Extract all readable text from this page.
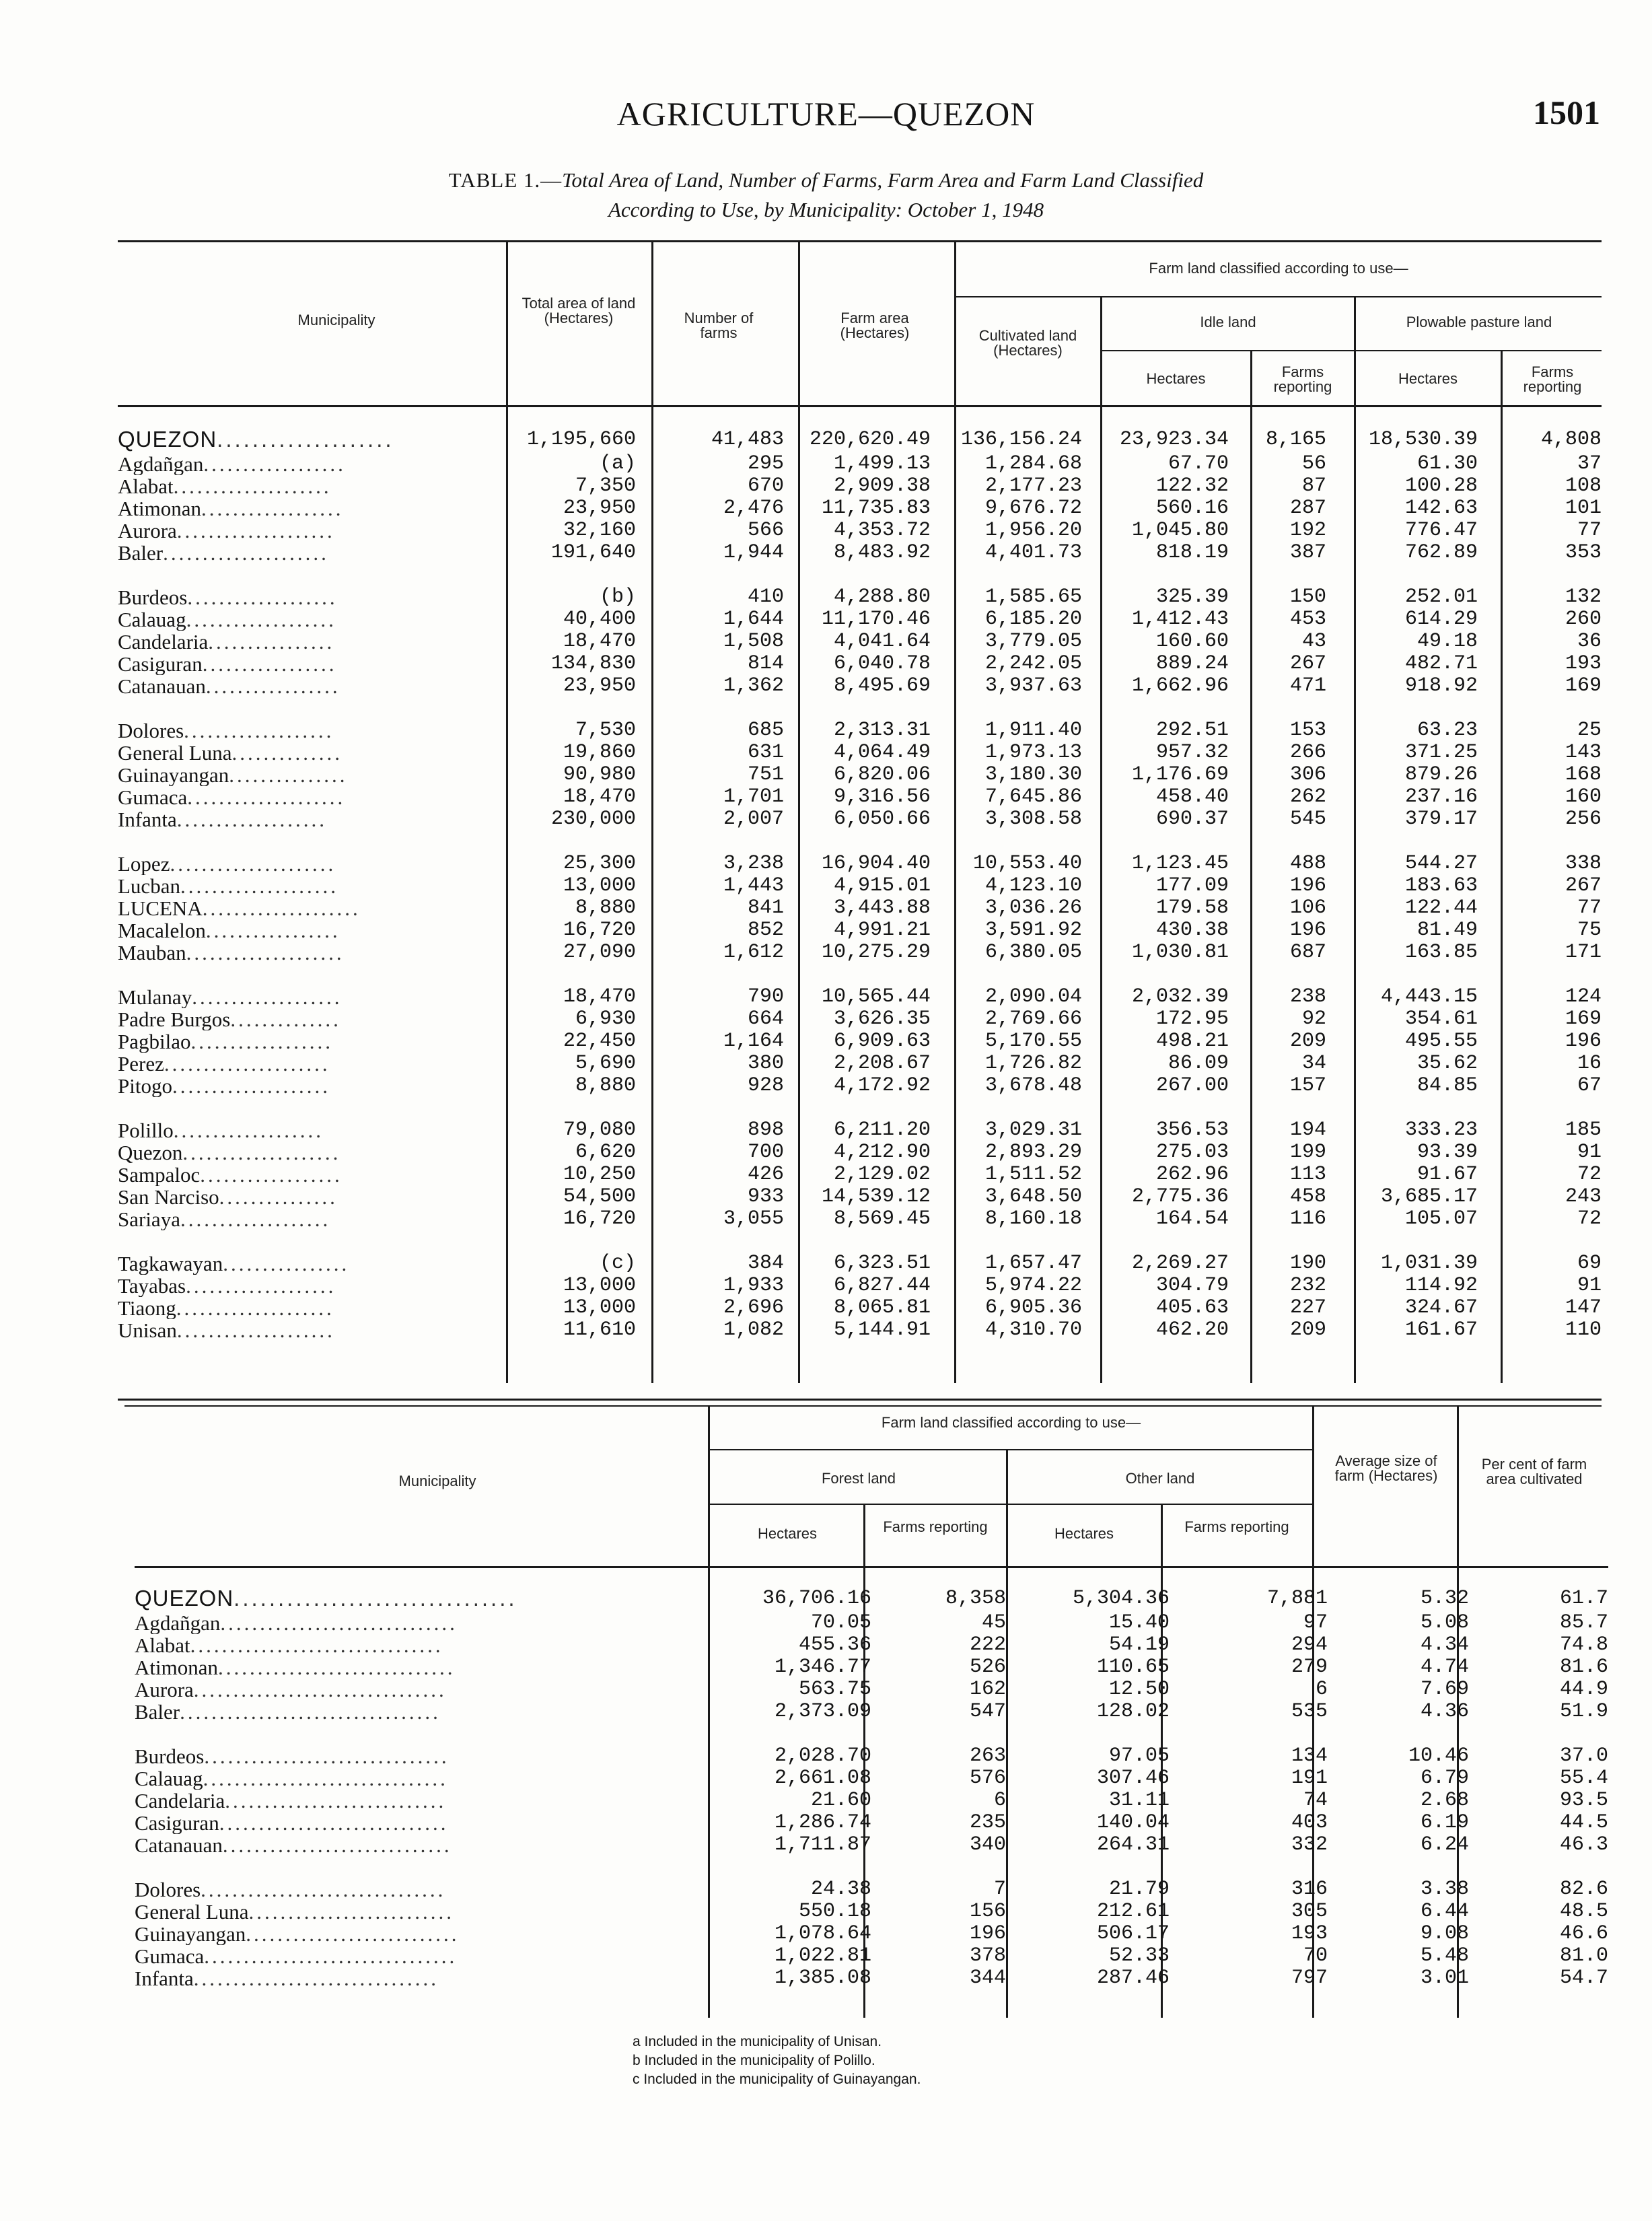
AGRICULTURE—QUEZON	1501
TABLE 1.—Total Area of Land, Number of Farms, Farm Area and Farm Land Classified
According to Use, by Municipality: October 1, 1948
Municipality
Total area of land (Hectares)	Number of farms
Farm area (Hectares)
Farm land classified according to use—
Cultivated land (Hectares)
Idle land	Plowable pasture land
Hectares	Farms reporting	Hectares	Farms reporting
QUEZON....................	1,195,660	41,483	220,620.49	136,156.24	23,923.34	8,165	18,530.39	4,808
Agdañgan..................	(a)	295	1,499.13	1,284.68	67.70	56	61.30	37
Alabat....................	7,350	670	2,909.38	2,177.23	122.32	87	100.28	108
Atimonan..................	23,950	2,476	11,735.83	9,676.72	560.16	287	142.63	101
Aurora....................	32,160	566	4,353.72	1,956.20	1,045.80	192	776.47	77
Baler.....................	191,640	1,944	8,483.92	4,401.73	818.19	387	762.89	353

Burdeos...................	(b)	410	4,288.80	1,585.65	325.39	150	252.01	132
Calauag...................	40,400	1,644	11,170.46	6,185.20	1,412.43	453	614.29	260
Candelaria................	18,470	1,508	4,041.64	3,779.05	160.60	43	49.18	36
Casiguran.................	134,830	814	6,040.78	2,242.05	889.24	267	482.71	193
Catanauan.................	23,950	1,362	8,495.69	3,937.63	1,662.96	471	918.92	169

Dolores...................	7,530	685	2,313.31	1,911.40	292.51	153	63.23	25
General Luna..............	19,860	631	4,064.49	1,973.13	957.32	266	371.25	143
Guinayangan...............	90,980	751	6,820.06	3,180.30	1,176.69	306	879.26	168
Gumaca....................	18,470	1,701	9,316.56	7,645.86	458.40	262	237.16	160
Infanta...................	230,000	2,007	6,050.66	3,308.58	690.37	545	379.17	256

Lopez.....................	25,300	3,238	16,904.40	10,553.40	1,123.45	488	544.27	338
Lucban....................	13,000	1,443	4,915.01	4,123.10	177.09	196	183.63	267
LUCENA....................	8,880	841	3,443.88	3,036.26	179.58	106	122.44	77
Macalelon.................	16,720	852	4,991.21	3,591.92	430.38	196	81.49	75
Mauban....................	27,090	1,612	10,275.29	6,380.05	1,030.81	687	163.85	171

Mulanay...................	18,470	790	10,565.44	2,090.04	2,032.39	238	4,443.15	124
Padre Burgos..............	6,930	664	3,626.35	2,769.66	172.95	92	354.61	169
Pagbilao..................	22,450	1,164	6,909.63	5,170.55	498.21	209	495.55	196
Perez.....................	5,690	380	2,208.67	1,726.82	86.09	34	35.62	16
Pitogo....................	8,880	928	4,172.92	3,678.48	267.00	157	84.85	67

Polillo...................	79,080	898	6,211.20	3,029.31	356.53	194	333.23	185
Quezon....................	6,620	700	4,212.90	2,893.29	275.03	199	93.39	91
Sampaloc..................	10,250	426	2,129.02	1,511.52	262.96	113	91.67	72
San Narciso...............	54,500	933	14,539.12	3,648.50	2,775.36	458	3,685.17	243
Sariaya...................	16,720	3,055	8,569.45	8,160.18	164.54	116	105.07	72

Tagkawayan................	(c)	384	6,323.51	1,657.47	2,269.27	190	1,031.39	69
Tayabas...................	13,000	1,933	6,827.44	5,974.22	304.79	232	114.92	91
Tiaong....................	13,000	2,696	8,065.81	6,905.36	405.63	227	324.67	147
Unisan....................	11,610	1,082	5,144.91	4,310.70	462.20	209	161.67	110
Municipality
Farm land classified according to use—
Forest land	Other land
Hectares	Farms reporting	Hectares	Farms reporting
Average size of farm (Hectares)
Per cent of farm area cultivated
QUEZON................................	36,706.16	8,358	5,304.36	7,881	5.32	61.7
Agdañgan..............................	70.05	45	15.40	97	5.08	85.7
Alabat................................	455.36	222	54.19	294	4.34	74.8
Atimonan..............................	1,346.77	526	110.65	279	4.74	81.6
Aurora................................	563.75	162	12.50	6	7.69	44.9
Baler.................................	2,373.09	547	128.02	535	4.36	51.9

Burdeos...............................	2,028.70	263	97.05	134	10.46	37.0
Calauag...............................	2,661.08	576	307.46	191	6.79	55.4
Candelaria............................	21.60	6	31.11	74	2.68	93.5
Casiguran.............................	1,286.74	235	140.04	403	6.19	44.5
Catanauan.............................	1,711.87	340	264.31	332	6.24	46.3

Dolores...............................	24.38	7	21.79	316	3.38	82.6
General Luna..........................	550.18	156	212.61	305	6.44	48.5
Guinayangan...........................	1,078.64	196	506.17	193	9.08	46.6
Gumaca................................	1,022.81	378	52.33	70	5.48	81.0
Infanta...............................	1,385.08	344	287.46	797	3.01	54.7
a Included in the municipality of Unisan.
b Included in the municipality of Polillo.
c Included in the municipality of Guinayangan.
